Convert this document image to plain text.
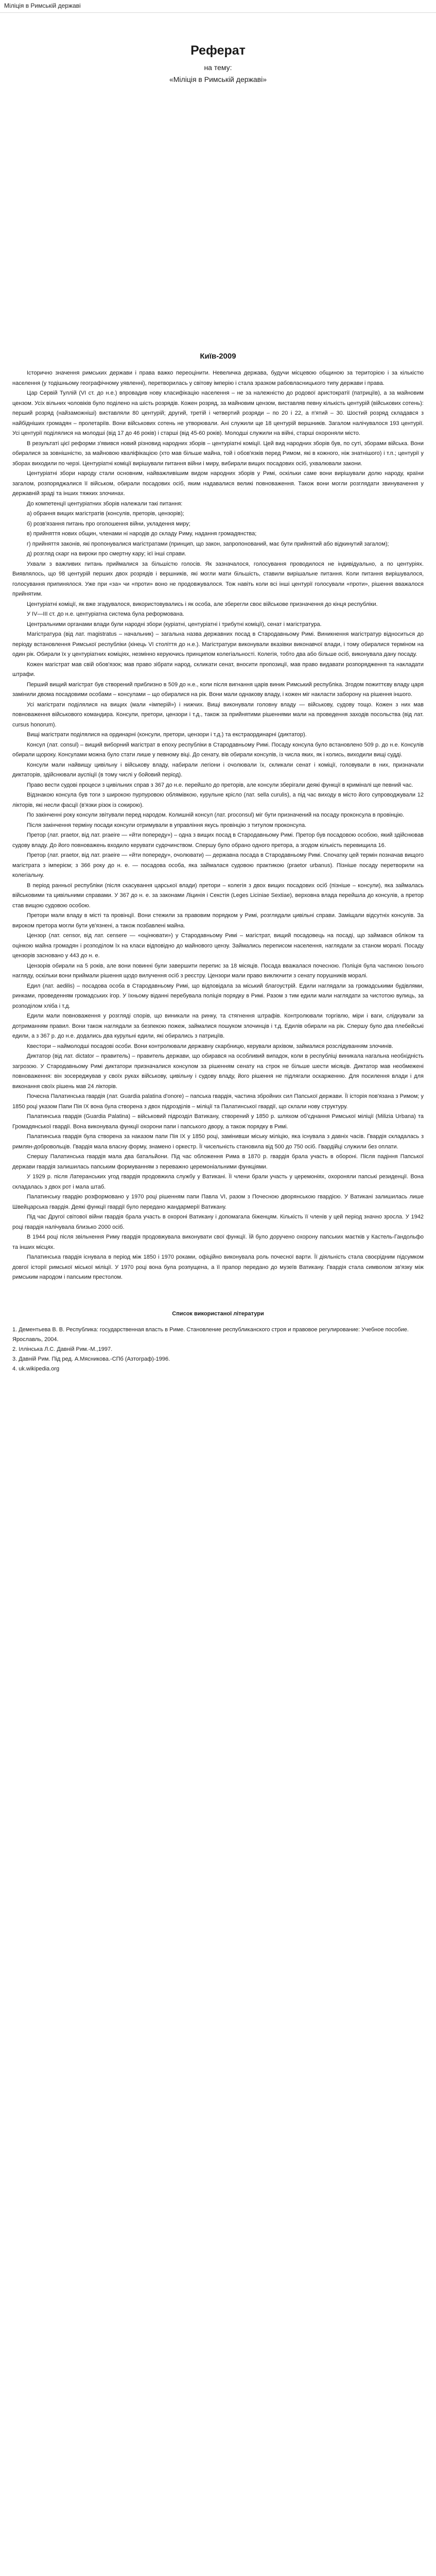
Міліція в Римській державі
Реферат
на тему:
«Міліція в Римській державі»
Київ-2009

Історично значення римських держави і права важко переоцінити. Невеличка держава, будучи місцевою общиною за територією і за кількістю населення (у тодішньому географічному уявленні), перетворилась у світову імперію і стала зразком рабовласницького типу держави і права.

Цар Сервій Туллій (VI ст. до н.е.) впровадив нову класифікацію населення – не за належністю до родової аристократії (патриціїв), а за майновим цензом. Усіх вільних чоловіків було поділено на шість розрядів. Кожен розряд, за майновим цензом, виставляв певну кількість центурій (військових сотень): перший розряд (найзаможніші) виставляли 80 центурій; другий, третій і четвертий розряди – по 20 і 22, а п'ятий – 30. Шостий розряд складався з найбідніших громадян – пролетаріїв. Вони військових сотень не утворювали. Ані служили ще 18 центурій вершників. Загалом налічувалося 193 центурії. Усі центурії поділялися на молодші (від 17 до 46 років) і старші (від 45-60 років). Молодші служили на війні, старші охороняли місто.

В результаті цієї реформи з'явився новий різновид народних зборів – центуріатні коміції. Цей вид народних зборів був, по суті, зборами війська. Вони обиралися за зовнішністю, за майновою кваліфікацією (хто мав більше майна, той і обов'язків перед Римом, які в кожного, ніж знатнішого) і т.п.; центурії у зборах виходили по черзі. Центуріатні коміції вирішували питання війни і миру, вибирали вищих посадових осіб, ухвалювали закони.

Центуріатні збори народу стали основним, найважливішим видом народних зборів у Римі, оскільки саме вони вирішували долю народу, країни загалом, розпоряджалися її військом, обирали посадових осіб, яким надавалися великі повноваження. Також вони могли розглядати звинувачення у державній зраді та інших тяжких злочинах.

До компетенції центуріатних зборів належали такі питання:

а) обрання вищих магістратів (консулів, преторів, цензорів);

б) розв'язання питань про оголошення війни, укладення миру;

в) прийняття нових общин, членами ні народів до складу Риму, надання громадянства;

г) прийняття законів, які пропонувалися магістратами (принцип, що закон, запропонований, має бути прийнятий або відкинутий загалом);

д) розгляд скарг на вироки про смертну кару; ієї інші справи.

Ухвали з важливих питань приймалися за більшістю голосів. Як зазначалося, голосування проводилося не індивідуально, а по центуріях. Виявлялось, що 98 центурій перших двох розрядів і вершників, які могли мати більшість, ставили вирішальне питання. Коли питання вирішувалося, голосування припинялося. Уже при «за» чи «проти» воно не продовжувалося. Тож навіть коли всі інші центурії голосували «проти», рішення вважалося прийнятим.

Центуріатні коміції, як вже згадувалося, використовувались і як особа, але зберегли своє військове призначення до кінця республіки.

У IV—III ст. до н.е. центуріатна система була реформована.

Центральними органами влади були народні збори (куріатні, центуріатні і трибутні коміції), сенат і магістратура.

Магістратура (від лат. magistratus – начальник) – загальна назва державних посад в Стародавньому Римі. Виникнення магістратур відноситься до періоду встановлення Римської республіки (кінець VI століття до н.е.). Магістратури виконували вказівки виконавчої влади, і тому обиралися терміном на один рік. Обирали їх у центуріатних коміціях, незмінно керуючись принципом колегіальності. Колегія, тобто два або більше осіб, виконувала дану посаду.

Кожен магістрат мав свій обов'язок; мав право зібрати народ, скликати сенат, вносити пропозиції, мав право видавати розпорядження та накладати штрафи.

Перший вищий магістрат був створений приблизно в 509 до н.е., коли після вигнання царів виник Римський республіка. Згодом пожиттєву владу царя замінили двома посадовими особами – консулами – що обиралися на рік. Вони мали однакову владу, і кожен міг накласти заборону на рішення іншого.

Усі магістрати поділялися на вищих (мали «імперій») і нижчих. Вищі виконували головну владу — військову, судову тощо. Кожен з них мав повноваження військового командира. Консули, претори, цензори і т.д., також за прийнятими рішеннями мали на проведення заходів посольства (від лат. cursus honorum).

Вищі магістрати поділялися на ординарні (консули, претори, цензори і т.д.) та екстраординарні (диктатор).

Консул (лат. consul) – вищий виборний магістрат в епоху республіки в Стародавньому Римі. Посаду консула було встановлено 509 р. до н.е. Консулів обирали щороку. Консулами можна було стати лише у певному віці. До сенату, вів обирали консулів, із числа яких, як і колись, виходили вищі судді.

Консули мали найвищу цивільну і військову владу, набирали легіони і очолювали їх, скликали сенат і коміції, головували в них, призначали диктаторів, здійснювали ауспіції (в тому числі у бойовий період).

Право вести судові процеси з цивільних справ з 367 до н.е. перейшло до преторів, але консули зберігали деякі функції в криміналі ще певний час.

Відзнакою консула був тоги з широкою пурпуровою облямівкою, курульне крісло (лат. sella curulis), а під час виходу в місто його супроводжували 12 лікторів, які несли фасції (в'язки різок із сокирою).

По закінченні року консули звітували перед народом. Колишній консул (лат. proconsul) міг бути призначений на посаду проконсула в провінцію.

Після закінчення терміну посади консули отримували в управління якусь провінцію з титулом проконсула.

Претор (лат. praetor, від лат. praeire — «йти попереду») – одна з вищих посад в Стародавньому Римі. Претор був посадовою особою, який здійснював судову владу. До його повноважень входило керувати судочинством. Спершу було обрано одного претора, а згодом кількість перевищила 16.

Претор (лат. praetor, від лат. praeire — «йти попереду», очолювати) — державна посада в Стародавньому Римі. Спочатку цей термін позначав вищого магістрата з імперієм; з 366 року до н. е. — посадова особа, яка займалася судовою практикою (praetor urbanus). Пізніше посаду перетворили на колегіальну.

В період ранньої республіки (після скасування царської влади) претори – колегія з двох вищих посадових осіб (пізніше – консули), яка займалась військовими та цивільними справами. У 367 до н. е. за законами Ліцинія і Секстія (Leges Liciniae Sextiae), верховна влада перейшла до консулів, а претор став вищою судовою особою.

Претори мали владу в місті та провінції. Вони стежили за правовим порядком у Римі, розглядали цивільні справи. Заміщали відсутніх консулів. За вироком претора могли бути ув'язнені, а також позбавлені майна.

Цензор (лат. censor, від лат. censere — «оцінювати») у Стародавньому Римі – магістрат, вищий посадовець на посаді, що займався обліком та оцінкою майна громадян і розподілом їх на класи відповідно до майнового цензу. Займались переписом населення, наглядали за станом моралі. Посаду цензорів засновано у 443 до н. е.

Цензорів обирали на 5 років, але вони повинні були завершити перепис за 18 місяців. Посада вважалася почесною. Поліція була частиною їхнього нагляду, оскільки вони приймали рішення щодо вилучення осіб з реєстру. Цензори мали право виключити з сенату порушників моралі.

Едил (лат. aedilis) – посадова особа в Стародавньому Римі, що відповідала за міський благоустрій. Едили наглядали за громадськими будівлями, ринками, проведенням громадських ігор. У їхньому віданні перебувала поліція порядку в Римі. Разом з тим едили мали наглядати за чистотою вулиць, за розподілом хліба і т.д.

Едили мали повноваження у розгляді спорів, що виникали на ринку, та стягнення штрафів. Контролювали торгівлю, міри і ваги, слідкували за дотриманням правил. Вони також наглядали за безпекою пожеж, займалися пошуком злочинців і т.д. Едилів обирали на рік. Спершу було два плебейські едили, а з 367 р. до н.е. додались два курульні едили, які обирались з патриціїв.

Квестори – наймолодші посадові особи. Вони контролювали державну скарбницю, керували архівом, займалися розслідуванням злочинів.

Диктатор (від лат. dictator – правитель) – правитель держави, що обирався на особливий випадок, коли в республіці виникала нагальна необхідність загрозою. У Стародавньому Римі диктатори призначалися консулом за рішенням сенату на строк не більше шести місяців. Диктатор мав необмежені повноваження: він зосереджував у своїх руках військову, цивільну і судову владу, його рішення не підлягали оскарженню. Для посилення влади і для виконання своїх рішень мав 24 лікторів.

Почесна Палатинська гвардія (лат. Guardia palatina d'onore) – папська гвардія, частина збройних сил Папської держави. Її історія пов'язана з Римом; у 1850 році указом Папи Пія IX вона була створена з двох підрозділів – міліції та Палатинської гвардії, що склали нову структуру.

Палатинська гвардія (Guardia Palatina) – військовий підрозділ Ватикану, створений у 1850 р. шляхом об'єднання Римської міліції (Milizia Urbana) та Громадянської гвардії. Вона виконувала функції охорони папи і папського двору, а також порядку в Римі.

Палатинська гвардія була створена за наказом папи Пія IX у 1850 році, замінивши міську міліцію, яка існувала з давніх часів. Гвардія складалась з римлян-добровольців. Гвардія мала власну форму, знамено і оркестр. Її чисельність становила від 500 до 750 осіб. Гвардійці служили без оплати.

Спершу Палатинська гвардія мала два батальйони. Під час обложення Рима в 1870 р. гвардія брала участь в обороні. Після падіння Папської держави гвардія залишилась папським формуванням з переважно церемоніальними функціями.

У 1929 р. після Латеранських угод гвардія продовжила службу у Ватикані. Її члени брали участь у церемоніях, охороняли папські резиденції. Вона складалась з двох рот і мала штаб.

Палатинську гвардію розформовано у 1970 році рішенням папи Павла VI, разом з Почесною дворянською гвардією. У Ватикані залишилась лише Швейцарська гвардія. Деякі функції гвардії було передано жандармерії Ватикану.

Під час Другої світової війни гвардія брала участь в охороні Ватикану і допомагала біженцям. Кількість її членів у цей період значно зросла. У 1942 році гвардія налічувала близько 2000 осіб.

В 1944 році після звільнення Риму гвардія продовжувала виконувати свої функції. Їй було доручено охорону папських маєтків у Кастель-Гандольфо та інших місцях.

Палатинська гвардія існувала в період між 1850 і 1970 роками, офіційно виконувала роль почесної варти. Її діяльність стала своєрідним підсумком довгої історії римської міської міліції. У 1970 році вона була розпущена, а її прапор передано до музеїв Ватикану. Гвардія стала символом зв'язку між римським народом і папським престолом.

Список використаної літератури
1. Дементьева В. В. Республика: государственная власть в Риме. Становление республиканского строя и правовое регулирование: Учебное пособие. Ярославль, 2004.
2. Іллінська Л.С. Давній Рим.-М.,1997.
3. Давній Рим. Під ред. А.Мясникова.-СПб (Азтограф)-1996.
4. uk.wikipedia.org
